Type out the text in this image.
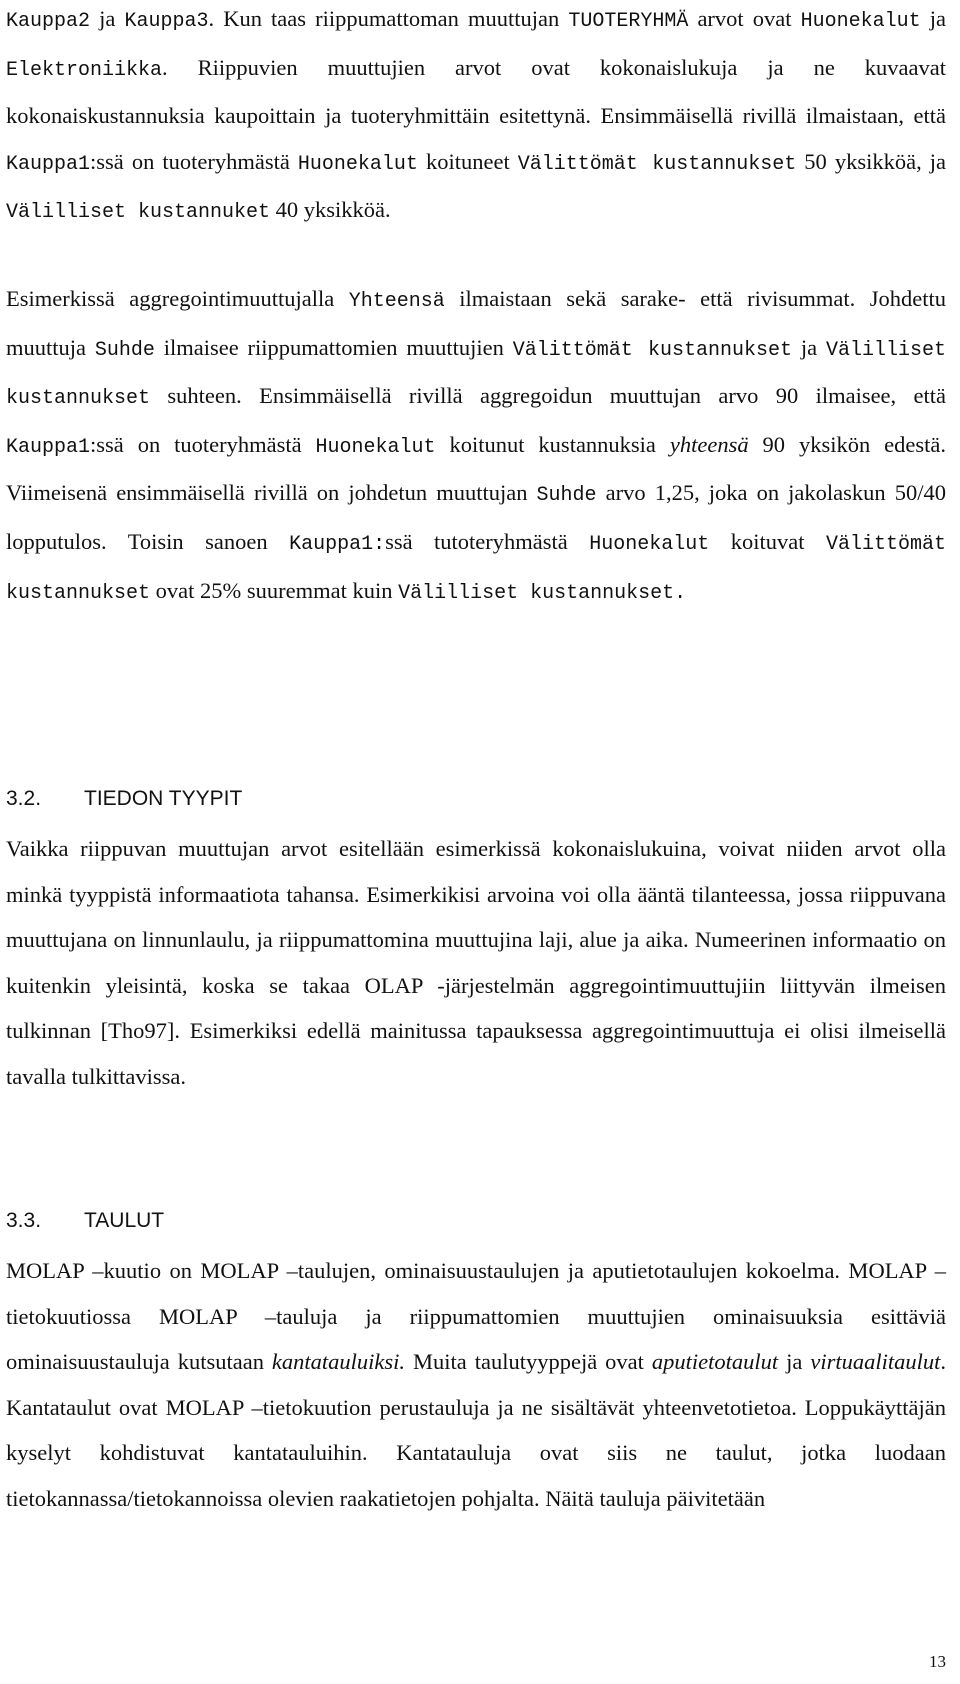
Kauppa2 ja Kauppa3. Kun taas riippumattoman muuttujan TUOTERYHMÄ arvot ovat Huonekalut ja Elektroniikka. Riippuvien muuttujien arvot ovat kokonaislukuja ja ne kuvaavat kokonaiskustannuksia kaupoittain ja tuoteryhmittäin esitettynä. Ensimmäisellä rivillä ilmaistaan, että Kauppa1:ssä on tuoteryhmästä Huonekalut koituneet Välittömät kustannukset 50 yksikköä, ja Välilliset kustannuket 40 yksikköä.

Esimerkissä aggregointimuuttujalla Yhteensä ilmaistaan sekä sarake- että rivisummat. Johdettu muuttuja Suhde ilmaisee riippumattomien muuttujien Välittömät kustannukset ja Välilliset kustannukset suhteen. Ensimmäisellä rivillä aggregoidun muuttujan arvo 90 ilmaisee, että Kauppa1:ssä on tuoteryhmästä Huonekalut koitunut kustannuksia yhteensä 90 yksikön edestä. Viimeisenä ensimmäisellä rivillä on johdetun muuttujan Suhde arvo 1,25, joka on jakolaskun 50/40 lopputulos. Toisin sanoen Kauppa1:ssä tutoteryhmästä Huonekalut koituvat Välittömät kustannukset ovat 25% suuremmat kuin Välilliset kustannukset.

3.2. TIEDON TYYPIT

Vaikka riippuvan muuttujan arvot esitellään esimerkissä kokonaislukuina, voivat niiden arvot olla minkä tyyppistä informaatiota tahansa. Esimerkikisi arvoina voi olla ääntä tilanteessa, jossa riippuvana muuttujana on linnunlaulu, ja riippumattomina muuttujina laji, alue ja aika. Numeerinen informaatio on kuitenkin yleisintä, koska se takaa OLAP -järjestelmän aggregointimuuttujiin liittyvän ilmeisen tulkinnan [Tho97]. Esimerkiksi edellä mainitussa tapauksessa aggregointimuuttuja ei olisi ilmeisellä tavalla tulkittavissa.

3.3. TAULUT

MOLAP –kuutio on MOLAP –taulujen, ominaisuustaulujen ja aputietotaulujen kokoelma. MOLAP –tietokuutiossa MOLAP –tauluja ja riippumattomien muuttujien ominaisuuksia esittäviä ominaisuustauluja kutsutaan kantatauluiksi. Muita taulutyyppejä ovat aputietotaulut ja virtuaalitaulut. Kantataulut ovat MOLAP –tietokuution perustauluja ja ne sisältävät yhteenvetotietoa. Loppukäyttäjän kyselyt kohdistuvat kantatauluihin. Kantatauluja ovat siis ne taulut, jotka luodaan tietokannassa/tietokannoissa olevien raakatietojen pohjalta. Näitä tauluja päivitetään

13
